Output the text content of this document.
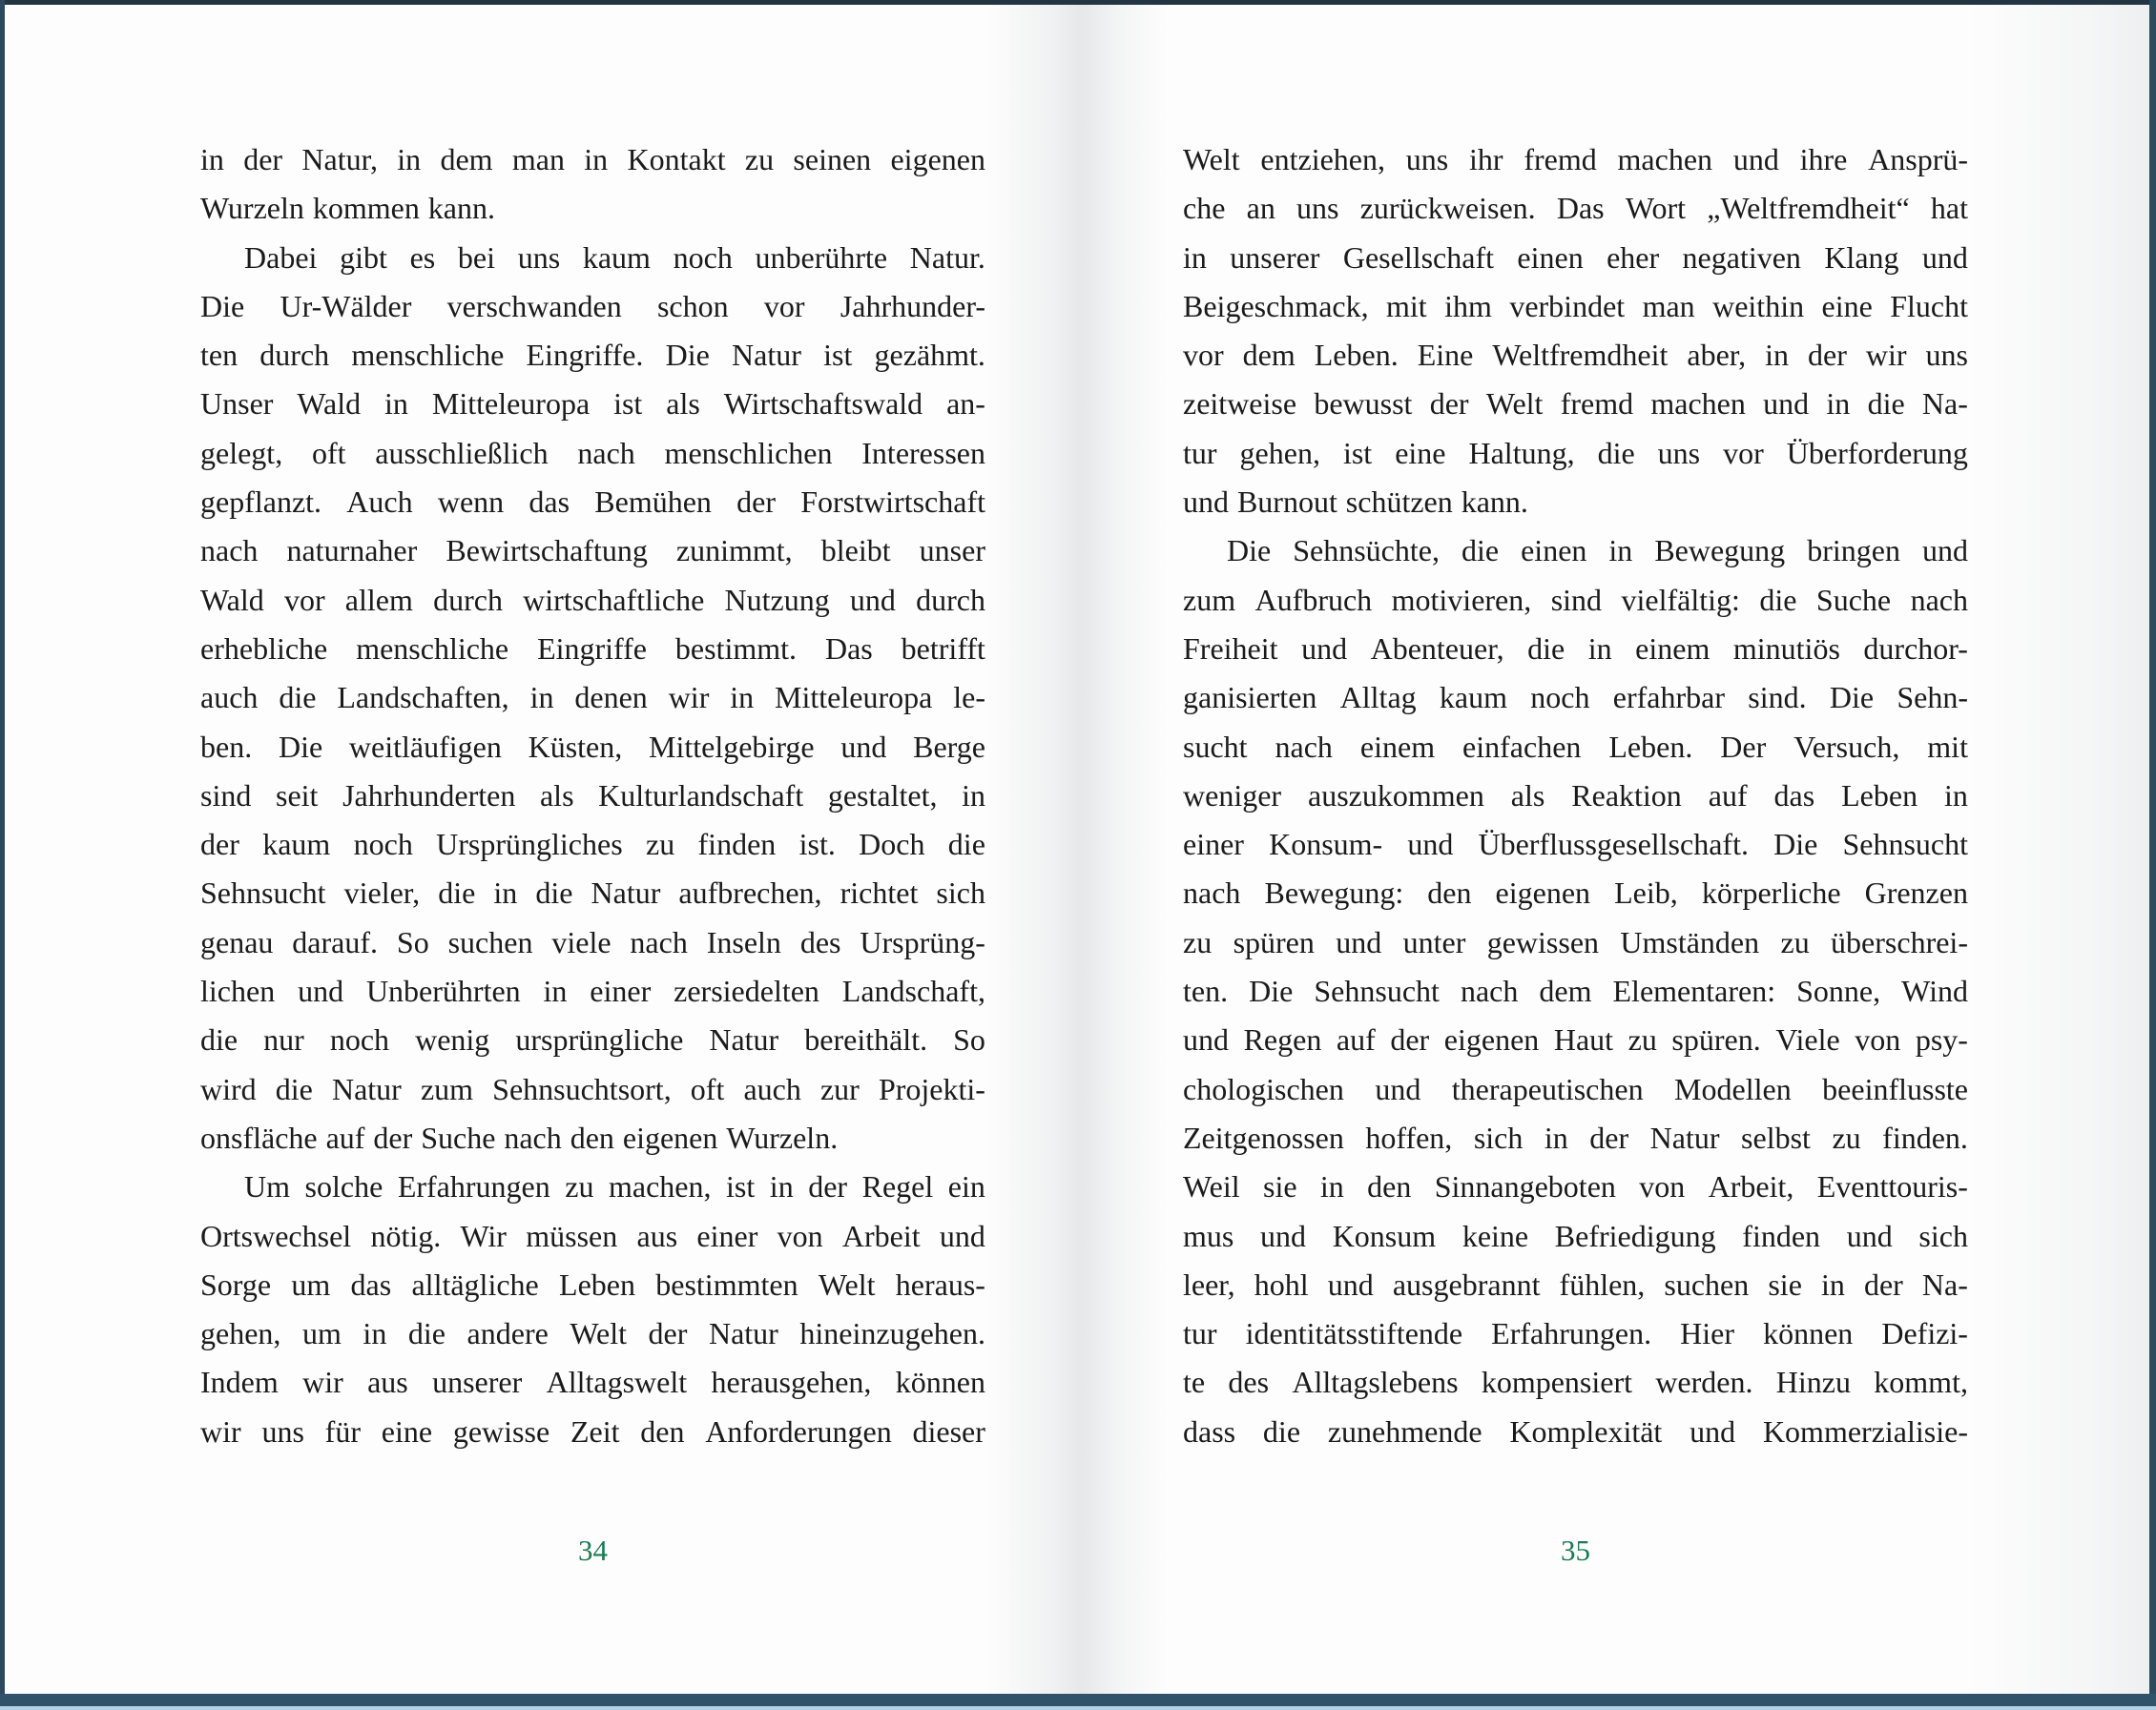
in der Natur, in dem man in Kontakt zu seinen eigenen
Wurzeln kommen kann.
Dabei gibt es bei uns kaum noch unberührte Natur.
Die Ur-Wälder verschwanden schon vor Jahrhunder-
ten durch menschliche Eingriffe. Die Natur ist gezähmt.
Unser Wald in Mitteleuropa ist als Wirtschaftswald an-
gelegt, oft ausschließlich nach menschlichen Interessen
gepflanzt. Auch wenn das Bemühen der Forstwirtschaft
nach naturnaher Bewirtschaftung zunimmt, bleibt unser
Wald vor allem durch wirtschaftliche Nutzung und durch
erhebliche menschliche Eingriffe bestimmt. Das betrifft
auch die Landschaften, in denen wir in Mitteleuropa le-
ben. Die weitläufigen Küsten, Mittelgebirge und Berge
sind seit Jahrhunderten als Kulturlandschaft gestaltet, in
der kaum noch Ursprüngliches zu finden ist. Doch die
Sehnsucht vieler, die in die Natur aufbrechen, richtet sich
genau darauf. So suchen viele nach Inseln des Ursprüng-
lichen und Unberührten in einer zersiedelten Landschaft,
die nur noch wenig ursprüngliche Natur bereithält. So
wird die Natur zum Sehnsuchtsort, oft auch zur Projekti-
onsfläche auf der Suche nach den eigenen Wurzeln.
Um solche Erfahrungen zu machen, ist in der Regel ein
Ortswechsel nötig. Wir müssen aus einer von Arbeit und
Sorge um das alltägliche Leben bestimmten Welt heraus-
gehen, um in die andere Welt der Natur hineinzugehen.
Indem wir aus unserer Alltagswelt herausgehen, können
wir uns für eine gewisse Zeit den Anforderungen dieser
Welt entziehen, uns ihr fremd machen und ihre Ansprü-
che an uns zurückweisen. Das Wort „Weltfremdheit“ hat
in unserer Gesellschaft einen eher negativen Klang und
Beigeschmack, mit ihm verbindet man weithin eine Flucht
vor dem Leben. Eine Weltfremdheit aber, in der wir uns
zeitweise bewusst der Welt fremd machen und in die Na-
tur gehen, ist eine Haltung, die uns vor Überforderung
und Burnout schützen kann.
Die Sehnsüchte, die einen in Bewegung bringen und
zum Aufbruch motivieren, sind vielfältig: die Suche nach
Freiheit und Abenteuer, die in einem minutiös durchor-
ganisierten Alltag kaum noch erfahrbar sind. Die Sehn-
sucht nach einem einfachen Leben. Der Versuch, mit
weniger auszukommen als Reaktion auf das Leben in
einer Konsum- und Überflussgesellschaft. Die Sehnsucht
nach Bewegung: den eigenen Leib, körperliche Grenzen
zu spüren und unter gewissen Umständen zu überschrei-
ten. Die Sehnsucht nach dem Elementaren: Sonne, Wind
und Regen auf der eigenen Haut zu spüren. Viele von psy-
chologischen und therapeutischen Modellen beeinflusste
Zeitgenossen hoffen, sich in der Natur selbst zu finden.
Weil sie in den Sinnangeboten von Arbeit, Eventtouris-
mus und Konsum keine Befriedigung finden und sich
leer, hohl und ausgebrannt fühlen, suchen sie in der Na-
tur identitätsstiftende Erfahrungen. Hier können Defizi-
te des Alltagslebens kompensiert werden. Hinzu kommt,
dass die zunehmende Komplexität und Kommerzialisie-
34	35
